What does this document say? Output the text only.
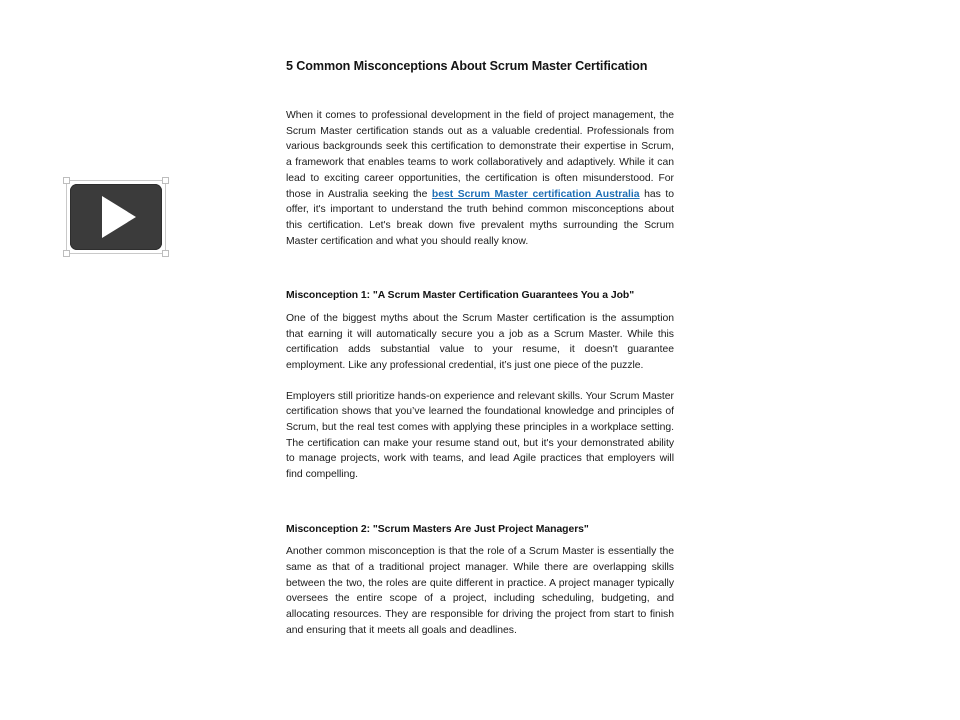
5 Common Misconceptions About Scrum Master Certification

When it comes to professional development in the field of project management, the Scrum Master certification stands out as a valuable credential. Professionals from various backgrounds seek this certification to demonstrate their expertise in Scrum, a framework that enables teams to work collaboratively and adaptively. While it can lead to exciting career opportunities, the certification is often misunderstood. For those in Australia seeking the best Scrum Master certification Australia has to offer, it's important to understand the truth behind common misconceptions about this certification. Let's break down five prevalent myths surrounding the Scrum Master certification and what you should really know.

Misconception 1: "A Scrum Master Certification Guarantees You a Job"

One of the biggest myths about the Scrum Master certification is the assumption that earning it will automatically secure you a job as a Scrum Master. While this certification adds substantial value to your resume, it doesn't guarantee employment. Like any professional credential, it’s just one piece of the puzzle.

Employers still prioritize hands-on experience and relevant skills. Your Scrum Master certification shows that you’ve learned the foundational knowledge and principles of Scrum, but the real test comes with applying these principles in a workplace setting. The certification can make your resume stand out, but it's your demonstrated ability to manage projects, work with teams, and lead Agile practices that employers will find compelling.

Misconception 2: "Scrum Masters Are Just Project Managers"

Another common misconception is that the role of a Scrum Master is essentially the same as that of a traditional project manager. While there are overlapping skills between the two, the roles are quite different in practice. A project manager typically oversees the entire scope of a project, including scheduling, budgeting, and allocating resources. They are responsible for driving the project from start to finish and ensuring that it meets all goals and deadlines.
